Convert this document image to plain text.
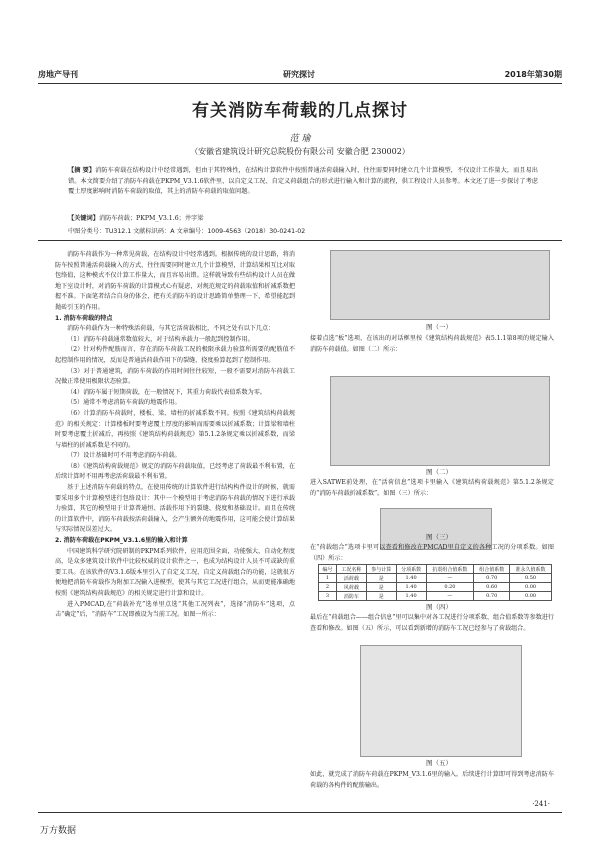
房地产导刊	研究探讨	2018年第30期
有关消防车荷载的几点探讨
范 瑜
（安徽省建筑设计研究总院股份有限公司 安徽合肥 230002）
【摘 要】消防车荷载在结构设计中经常遇到，但由于其特殊性，在结构计算软件中按照普通活荷载输入时，往往需要同时建立几个计算模型，不仅设计工作量大，而且易出错。本文简要介绍了消防车荷载在PKPM_V3.1.6软件里，以自定义工况、自定义荷载组合的形式进行输入和计算的流程，供工程设计人员参考。本文还了进一步探讨了考虑覆土厚度影响时消防车荷载的取值，其上的消防车荷载的取值问题。
【关键词】消防车荷载；PKPM_V3.1.6；井字梁
中图分类号：TU312.1 文献标识码：A 文章编号：1009-4563（2018）30-0241-02

消防车荷载作为一种常见荷载，在结构设计中经常遇到。根据传统的设计思路，将消防车按照普通活荷载输入的方式，往往需要同时建立几个计算模型，计算结果相互比对取包络值，这种模式不仅计算工作量大，而且容易出错。这样就导致有些结构设计人员在做地下室设计时，对消防车荷载的计算模式心有疑虑，对规范规定的荷载取值和折减系数把握不准。下面笔者结合自身的体会，把有关消防车的设计思路简单整理一下，希望能起到抛砖引玉的作用。

1. 消防车荷载的特点

消防车荷载作为一种特殊活荷载，与其它活荷载相比，不同之处有以下几点：

（1）消防车荷载通常数值较大，对于结构承载力一般起到控制作用。

（2）针对构件配筋而言，存在消防车荷载工况的极限承载力验算所需要的配筋值不起控制作用的情况，反而是普通活荷载作用下的裂缝、挠度验算起到了控制作用。

（3）对于普通建筑，消防车荷载的作用时间往往较短，一般不需要对消防车荷载工况做正常使用极限状态验算。

（4）消防车属于短期荷载，在一般情况下，其重力荷载代表值系数为零。

（5）通常不考虑消防车荷载的地震作用。

（6）计算消防车荷载时，楼板、梁、墙柱的折减系数不同。按照《建筑结构荷载规范》的相关规定：计算楼板时要考虑覆土厚度的影响而需要乘以折减系数；计算梁和墙柱时要考虑覆土折减后，再按照《建筑结构荷载规范》第5.1.2条规定乘以折减系数，而梁与墙柱的折减系数是不同的。

（7）设计基础时可不用考虑消防车荷载。

（8）《建筑结构荷载规范》规定的消防车荷载取值，已经考虑了荷载最不利布置，在后续计算时不用再考虑活荷载最不利布置。

基于上述消防车荷载的特点，在使用传统的计算软件进行结构构件设计的时候，就需要采用多个计算模型进行包络设计：其中一个模型用于考虑消防车荷载的情况下进行承载力验算，其它的模型用于计算普通恒、活载作用下的裂缝、挠度和基础设计。而且在传统的计算软件中，消防车荷载按活荷载输入，会产生额外的地震作用，这可能会使计算结果与实际情况误差过大。

2. 消防车荷载在PKPM_V3.1.6里的输入和计算

中国建筑科学研究院研制的PKPM系列软件，应用范围全面，功能强大，自动化程度高，是众多建筑设计软件中比较权威的设计软件之一，也成为结构设计人员不可或缺的重要工具。在该软件的V3.1.6版本里引入了自定义工况、自定义荷载组合的功能，这就很方便地把消防车荷载作为附加工况输入进模型，使其与其它工况进行组合，从而更能准确地按照《建筑结构荷载规范》的相关规定进行计算和设计。

进入PMCAD,在“荷载补充”选单里点选“其他工况列表”，选择“消防车”选项，点击“确定”后，“消防车”工况即被设为当前工况。如图一所示：

图（一）
接着点选“板”选项，在该出的对话框里按《建筑结构荷载规范》表5.1.1第8项的规定输入消防车荷载值。如图（二）所示：
图（二）
进入SATWE前处理，在“活荷信息”选项卡里输入《建筑结构荷载规范》第5.1.2条规定的“消防车荷载折减系数”。如图（三）所示：
图（三）
在“荷载组合”选项卡里可以查看和修改在PMCAD里自定义的各种工况的分项系数。如图（四）所示：
编号	工况名称	参与计算	分项系数	抗震组合值系数	组合值系数	准永久值系数
1	活荷载	是	1.40	—	0.70	0.50
2	风荷载	是	1.40	0.20	0.60	0.00
3	消防车	是	1.40	—	0.70	0.00
图（四）
最后在“荷载组合——组合信息”里可以集中对各工况进行分项系数、组合值系数等参数进行查看和修改。如图（五）所示，可以看到新增的消防车工况已经参与了荷载组合。
图（五）
如此，就完成了消防车荷载在PKPM_V3.1.6里的输入。后续进行计算即可得到考虑消防车荷载的各构件的配筋输出。
·241·
万方数据
